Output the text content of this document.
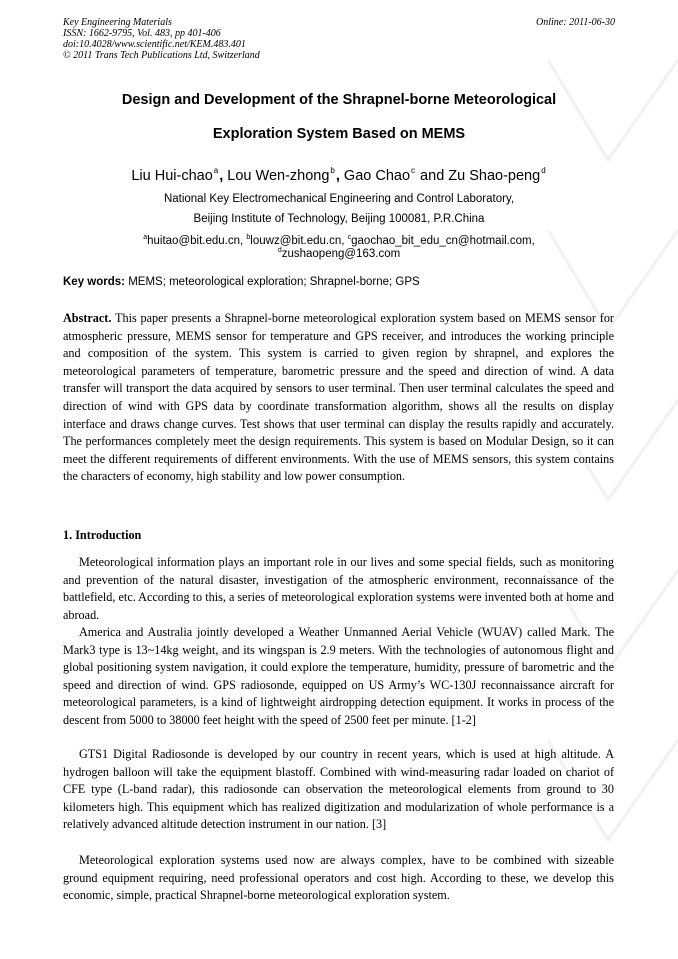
Key Engineering Materials
ISSN: 1662-9795, Vol. 483, pp 401-406
doi:10.4028/www.scientific.net/KEM.483.401
© 2011 Trans Tech Publications Ltd, Switzerland
Online: 2011-06-30
Design and Development of the Shrapnel-borne Meteorological
Exploration System Based on MEMS
Liu Hui-chao$^a$, Lou Wen-zhong$^b$, Gao Chao$^c$ and Zu Shao-peng$^d$
National Key Electromechanical Engineering and Control Laboratory,
Beijing Institute of Technology, Beijing 100081, P.R.China
$^a$huitao@bit.edu.cn, $^b$louwz@bit.edu.cn, $^c$gaochao_bit_edu_cn@hotmail.com,
$^d$zushaopeng@163.com
Key words: MEMS; meteorological exploration; Shrapnel-borne; GPS
Abstract. This paper presents a Shrapnel-borne meteorological exploration system based on MEMS sensor for atmospheric pressure, MEMS sensor for temperature and GPS receiver, and introduces the working principle and composition of the system. This system is carried to given region by shrapnel, and explores the meteorological parameters of temperature, barometric pressure and the speed and direction of wind. A data transfer will transport the data acquired by sensors to user terminal. Then user terminal calculates the speed and direction of wind with GPS data by coordinate transformation algorithm, shows all the results on display interface and draws change curves. Test shows that user terminal can display the results rapidly and accurately. The performances completely meet the design requirements. This system is based on Modular Design, so it can meet the different requirements of different environments. With the use of MEMS sensors, this system contains the characters of economy, high stability and low power consumption.
1. Introduction
Meteorological information plays an important role in our lives and some special fields, such as monitoring and prevention of the natural disaster, investigation of the atmospheric environment, reconnaissance of the battlefield, etc. According to this, a series of meteorological exploration systems were invented both at home and abroad.
America and Australia jointly developed a Weather Unmanned Aerial Vehicle (WUAV) called Mark. The Mark3 type is 13~14kg weight, and its wingspan is 2.9 meters. With the technologies of autonomous flight and global positioning system navigation, it could explore the temperature, humidity, pressure of barometric and the speed and direction of wind. GPS radiosonde, equipped on US Army’s WC-130J reconnaissance aircraft for meteorological parameters, is a kind of lightweight airdropping detection equipment. It works in process of the descent from 5000 to 38000 feet height with the speed of 2500 feet per minute. [1-2]
GTS1 Digital Radiosonde is developed by our country in recent years, which is used at high altitude. A hydrogen balloon will take the equipment blastoff. Combined with wind-measuring radar loaded on chariot of CFE type (L-band radar), this radiosonde can observation the meteorological elements from ground to 30 kilometers high. This equipment which has realized digitization and modularization of whole performance is a relatively advanced altitude detection instrument in our nation. [3]
Meteorological exploration systems used now are always complex, have to be combined with sizeable ground equipment requiring, need professional operators and cost high. According to these, we develop this economic, simple, practical Shrapnel-borne meteorological exploration system.
